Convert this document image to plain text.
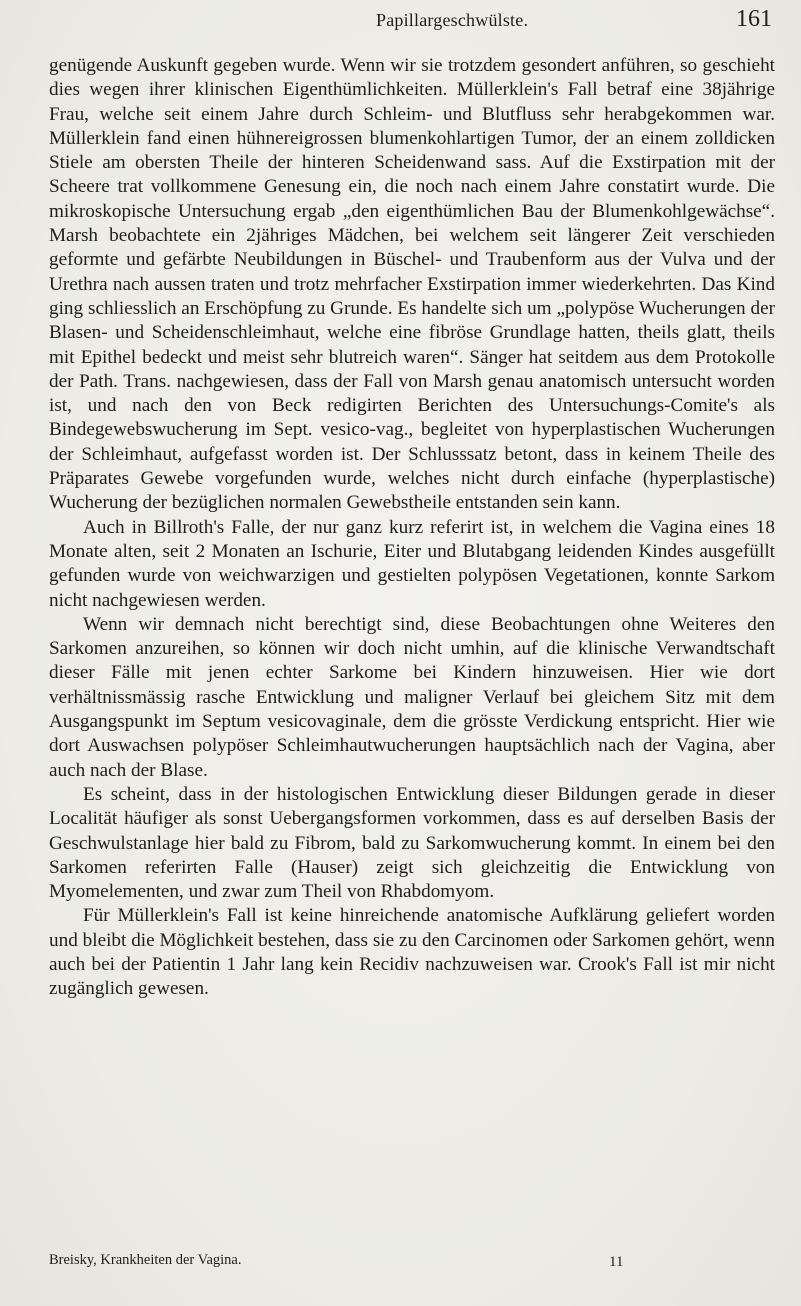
Papillargeschwülste.	161

genügende Auskunft gegeben wurde. Wenn wir sie trotzdem gesondert anführen, so geschieht dies wegen ihrer klinischen Eigenthümlichkeiten. Müllerklein's Fall betraf eine 38jährige Frau, welche seit einem Jahre durch Schleim- und Blutfluss sehr herabgekommen war. Müllerklein fand einen hühnereigrossen blumenkohlartigen Tumor, der an einem zolldicken Stiele am obersten Theile der hinteren Scheidenwand sass. Auf die Exstirpation mit der Scheere trat vollkommene Genesung ein, die noch nach einem Jahre constatirt wurde. Die mikroskopische Untersuchung ergab „den eigenthümlichen Bau der Blumenkohlgewächse“. Marsh beobachtete ein 2jähriges Mädchen, bei welchem seit längerer Zeit verschieden geformte und gefärbte Neubildungen in Büschel- und Traubenform aus der Vulva und der Urethra nach aussen traten und trotz mehrfacher Exstirpation immer wiederkehrten. Das Kind ging schliesslich an Erschöpfung zu Grunde. Es handelte sich um „polypöse Wucherungen der Blasen- und Scheidenschleimhaut, welche eine fibröse Grundlage hatten, theils glatt, theils mit Epithel bedeckt und meist sehr blutreich waren“. Sänger hat seitdem aus dem Protokolle der Path. Trans. nachgewiesen, dass der Fall von Marsh genau anatomisch untersucht worden ist, und nach den von Beck redigirten Berichten des Untersuchungs-Comite's als Bindegewebswucherung im Sept. vesico-vag., begleitet von hyperplastischen Wucherungen der Schleimhaut, aufgefasst worden ist. Der Schlusssatz betont, dass in keinem Theile des Präparates Gewebe vorgefunden wurde, welches nicht durch einfache (hyperplastische) Wucherung der bezüglichen normalen Gewebstheile entstanden sein kann.

Auch in Billroth's Falle, der nur ganz kurz referirt ist, in welchem die Vagina eines 18 Monate alten, seit 2 Monaten an Ischurie, Eiter und Blutabgang leidenden Kindes ausgefüllt gefunden wurde von weichwarzigen und gestielten polypösen Vegetationen, konnte Sarkom nicht nachgewiesen werden.

Wenn wir demnach nicht berechtigt sind, diese Beobachtungen ohne Weiteres den Sarkomen anzureihen, so können wir doch nicht umhin, auf die klinische Verwandtschaft dieser Fälle mit jenen echter Sarkome bei Kindern hinzuweisen. Hier wie dort verhältnissmässig rasche Entwicklung und maligner Verlauf bei gleichem Sitz mit dem Ausgangspunkt im Septum vesicovaginale, dem die grösste Verdickung entspricht. Hier wie dort Auswachsen polypöser Schleimhautwucherungen hauptsächlich nach der Vagina, aber auch nach der Blase.

Es scheint, dass in der histologischen Entwicklung dieser Bildungen gerade in dieser Localität häufiger als sonst Uebergangsformen vorkommen, dass es auf derselben Basis der Geschwulstanlage hier bald zu Fibrom, bald zu Sarkomwucherung kommt. In einem bei den Sarkomen referirten Falle (Hauser) zeigt sich gleichzeitig die Entwicklung von Myomelementen, und zwar zum Theil von Rhabdomyom.

Für Müllerklein's Fall ist keine hinreichende anatomische Aufklärung geliefert worden und bleibt die Möglichkeit bestehen, dass sie zu den Carcinomen oder Sarkomen gehört, wenn auch bei der Patientin 1 Jahr lang kein Recidiv nachzuweisen war. Crook's Fall ist mir nicht zugänglich gewesen.

Breisky, Krankheiten der Vagina.	11
